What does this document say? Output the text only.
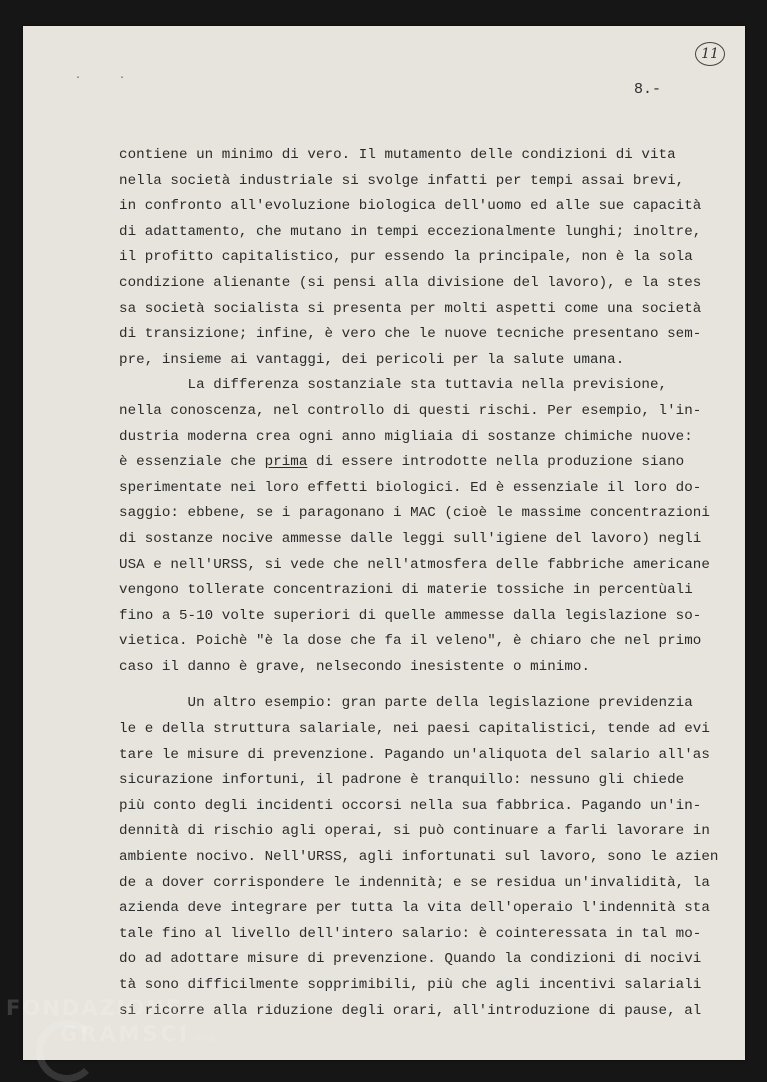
. .
11
8.-
contiene un minimo di vero. Il mutamento delle condizioni di vita
nella società industriale si svolge infatti per tempi assai brevi,
in confronto all'evoluzione biologica dell'uomo ed alle sue capacità
di adattamento, che mutano in tempi eccezionalmente lunghi; inoltre,
il profitto capitalistico, pur essendo la principale, non è la sola
condizione alienante (si pensi alla divisione del lavoro), e la stes
sa società socialista si presenta per molti aspetti come una società
di transizione; infine, è vero che le nuove tecniche presentano sem-
pre, insieme ai vantaggi, dei pericoli per la salute umana.
La differenza sostanziale sta tuttavia nella previsione,
nella conoscenza, nel controllo di questi rischi. Per esempio, l'in-
dustria moderna crea ogni anno migliaia di sostanze chimiche nuove:
è essenziale che prima di essere introdotte nella produzione siano
sperimentate nei loro effetti biologici. Ed è essenziale il loro do-
saggio: ebbene, se i paragonano i MAC (cioè le massime concentrazioni
di sostanze nocive ammesse dalle leggi sull'igiene del lavoro) negli
USA e nell'URSS, si vede che nell'atmosfera delle fabbriche americane
vengono tollerate concentrazioni di materie tossiche in percentùali
fino a 5-10 volte superiori di quelle ammesse dalla legislazione so-
vietica. Poichè "è la dose che fa il veleno", è chiaro che nel primo
caso il danno è grave, nelsecondo inesistente o minimo.
Un altro esempio: gran parte della legislazione previdenzia
le e della struttura salariale, nei paesi capitalistici, tende ad evi
tare le misure di prevenzione. Pagando un'aliquota del salario all'as
sicurazione infortuni, il padrone è tranquillo: nessuno gli chiede
più conto degli incidenti occorsi nella sua fabbrica. Pagando un'in-
dennità di rischio agli operai, si può continuare a farli lavorare in
ambiente nocivo. Nell'URSS, agli infortunati sul lavoro, sono le azien
de a dover corrispondere le indennità; e se residua un'invalidità, la
azienda deve integrare per tutta la vita dell'operaio l'indennità sta
tale fino al livello dell'intero salario: è cointeressata in tal mo-
do ad adottare misure di prevenzione. Quando la condizioni di nocivi
tà sono difficilmente sopprimibili, più che agli incentivi salariali
si ricorre alla riduzione degli orari, all'introduzione di pause, al
FONDAZIONE
GRAMSCI onlus
